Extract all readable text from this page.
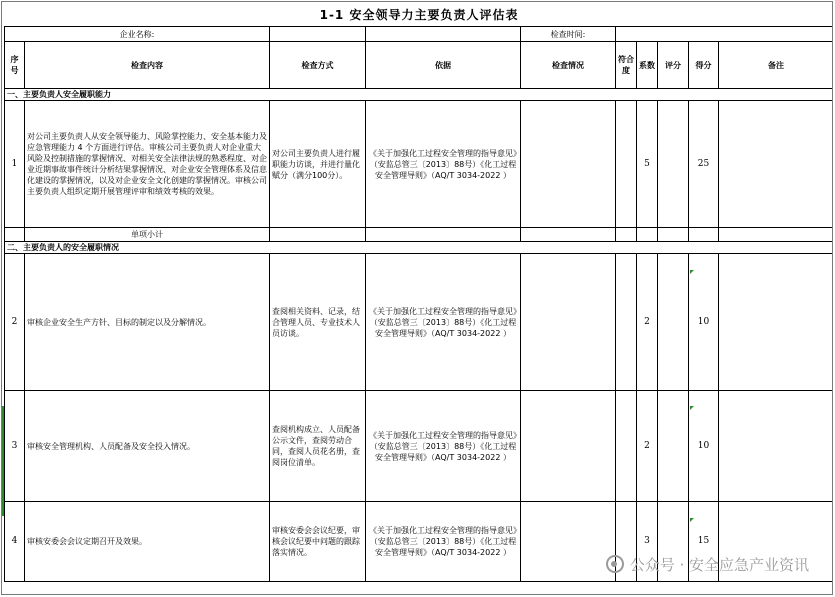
1-1 安全领导力主要负责人评估表									
企业名称:				检查时间:					
序号	检查内容	检查方式	依据	检查情况	符合度	系数	评分	得分	备注
一、主要负责人安全履职能力									
1	对公司主要负责人从安全领导能力、风险掌控能力、安全基本能力及应急管理能力 4 个方面进行评估。审核公司主要负责人对企业重大风险及控制措施的掌握情况、对相关安全法律法规的熟悉程度、对企业近期事故事件统计分析结果掌握情况、对企业安全管理体系及信息化建设的掌握情况，以及对企业安全文化创建的掌握情况。审核公司主要负责人组织定期开展管理评审和绩效考核的效果。	对公司主要负责人进行履职能力访谈，并进行量化赋分（满分100分）。	《关于加强化工过程安全管理的指导意见》（安监总管三〔2013〕88号）《化工过程安全管理导则》（AQ/T 3034-2022 ）			5		25	
	单项小计								
二、主要负责人的安全履职情况									
2	审核企业安全生产方针、目标的制定以及分解情况。	查阅相关资料、记录，结合管理人员、专业技术人员访谈。	《关于加强化工过程安全管理的指导意见》（安监总管三〔2013〕88号）《化工过程安全管理导则》（AQ/T 3034-2022 ）			2		10	
3	审核安全管理机构、人员配备及安全投入情况。	查阅机构成立、人员配备公示文件，查阅劳动合同，查阅人员花名册，查阅岗位清单。	《关于加强化工过程安全管理的指导意见》（安监总管三〔2013〕88号）《化工过程安全管理导则》（AQ/T 3034-2022 ）			2		10	
4	审核安委会会议定期召开及效果。	审核安委会会议纪要，审核会议纪要中问题的跟踪落实情况。	《关于加强化工过程安全管理的指导意见》（安监总管三〔2013〕88号）《化工过程安全管理导则》（AQ/T 3034-2022 ）			3		15	
公众号 · 安全应急产业资讯
